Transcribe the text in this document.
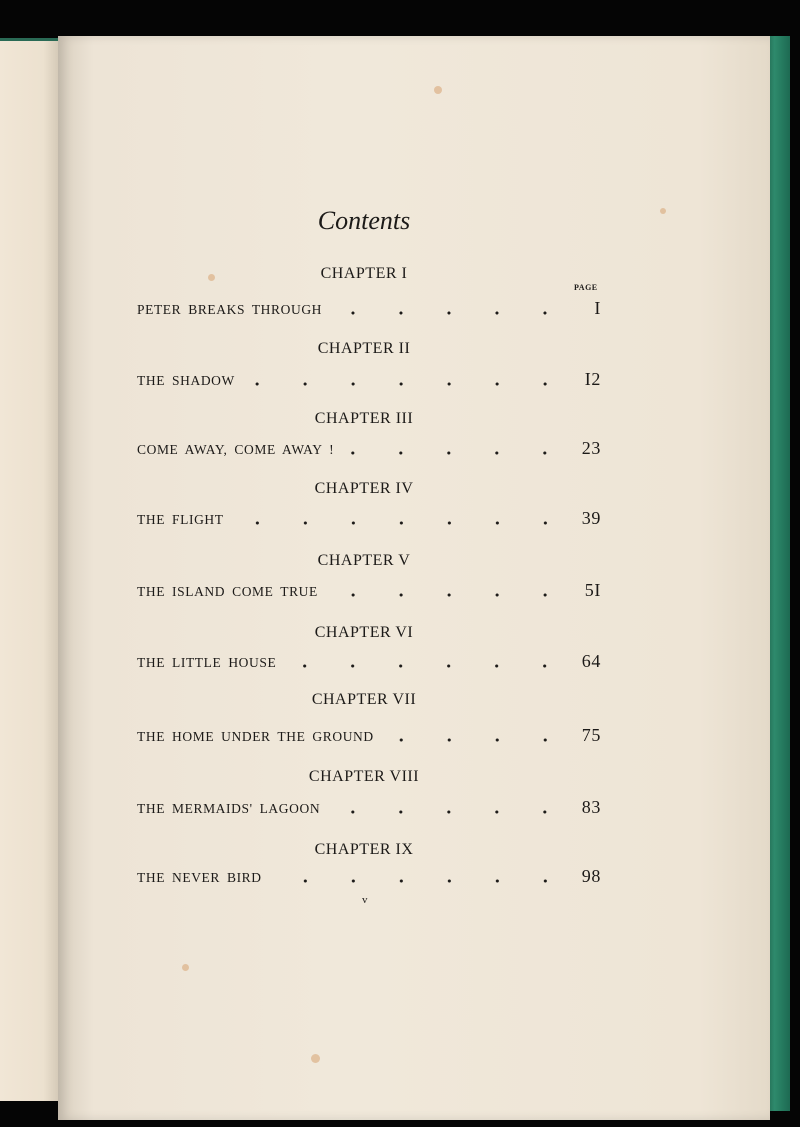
Contents
PAGE
CHAPTER I
PETER BREAKS THROUGH	I
CHAPTER II
THE SHADOW	I2
CHAPTER III
COME AWAY, COME AWAY !	23
CHAPTER IV
THE FLIGHT	39
CHAPTER V
THE ISLAND COME TRUE	5I
CHAPTER VI
THE LITTLE HOUSE	64
CHAPTER VII
THE HOME UNDER THE GROUND	75
CHAPTER VIII
THE MERMAIDS' LAGOON	83
CHAPTER IX
THE NEVER BIRD	98
v
